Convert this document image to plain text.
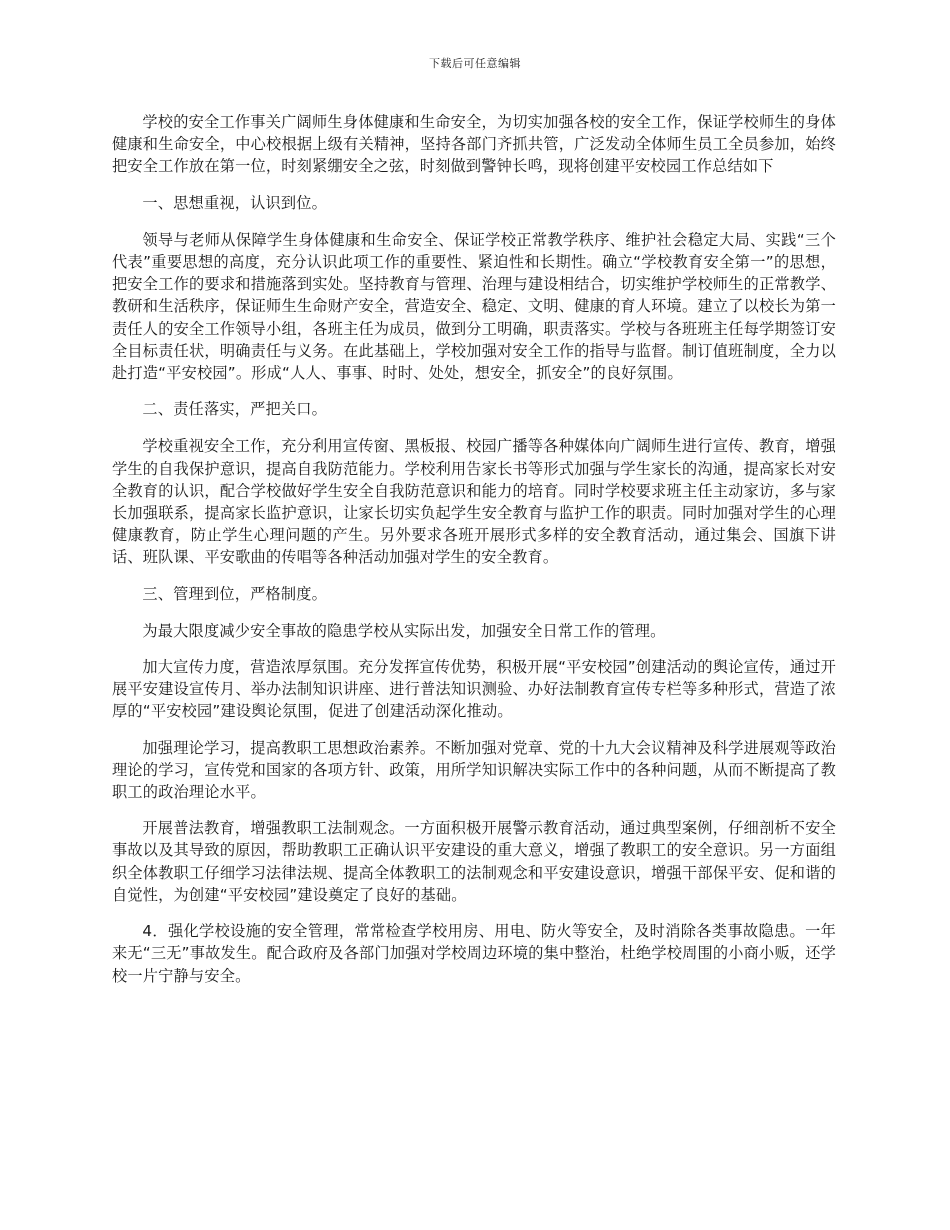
下载后可任意编辑

学校的安全工作事关广阔师生身体健康和生命安全，为切实加强各校的安全工作，保证学校师生的身体健康和生命安全，中心校根据上级有关精神，坚持各部门齐抓共管，广泛发动全体师生员工全员参加，始终把安全工作放在第一位，时刻紧绷安全之弦，时刻做到警钟长鸣，现将创建平安校园工作总结如下

一、思想重视，认识到位。

领导与老师从保障学生身体健康和生命安全、保证学校正常教学秩序、维护社会稳定大局、实践“三个代表”重要思想的高度，充分认识此项工作的重要性、紧迫性和长期性。确立“学校教育安全第一”的思想，把安全工作的要求和措施落到实处。坚持教育与管理、治理与建设相结合，切实维护学校师生的正常教学、教研和生活秩序，保证师生生命财产安全，营造安全、稳定、文明、健康的育人环境。建立了以校长为第一责任人的安全工作领导小组，各班主任为成员，做到分工明确，职责落实。学校与各班班主任每学期签订安全目标责任状，明确责任与义务。在此基础上，学校加强对安全工作的指导与监督。制订值班制度，全力以赴打造“平安校园”。形成“人人、事事、时时、处处，想安全，抓安全”的良好氛围。

二、责任落实，严把关口。

学校重视安全工作，充分利用宣传窗、黑板报、校园广播等各种媒体向广阔师生进行宣传、教育，增强学生的自我保护意识，提高自我防范能力。学校利用告家长书等形式加强与学生家长的沟通，提高家长对安全教育的认识，配合学校做好学生安全自我防范意识和能力的培育。同时学校要求班主任主动家访，多与家长加强联系，提高家长监护意识，让家长切实负起学生安全教育与监护工作的职责。同时加强对学生的心理健康教育，防止学生心理问题的产生。另外要求各班开展形式多样的安全教育活动，通过集会、国旗下讲话、班队课、平安歌曲的传唱等各种活动加强对学生的安全教育。

三、管理到位，严格制度。

为最大限度减少安全事故的隐患学校从实际出发，加强安全日常工作的管理。

加大宣传力度，营造浓厚氛围。充分发挥宣传优势，积极开展“平安校园”创建活动的舆论宣传，通过开展平安建设宣传月、举办法制知识讲座、进行普法知识测验、办好法制教育宣传专栏等多种形式，营造了浓厚的“平安校园”建设舆论氛围，促进了创建活动深化推动。

加强理论学习，提高教职工思想政治素养。不断加强对党章、党的十九大会议精神及科学进展观等政治理论的学习，宣传党和国家的各项方针、政策，用所学知识解决实际工作中的各种问题，从而不断提高了教职工的政治理论水平。

开展普法教育，增强教职工法制观念。一方面积极开展警示教育活动，通过典型案例，仔细剖析不安全事故以及其导致的原因，帮助教职工正确认识平安建设的重大意义，增强了教职工的安全意识。另一方面组织全体教职工仔细学习法律法规、提高全体教职工的法制观念和平安建设意识，增强干部保平安、促和谐的自觉性，为创建“平安校园”建设奠定了良好的基础。

4．强化学校设施的安全管理，常常检查学校用房、用电、防火等安全，及时消除各类事故隐患。一年来无“三无”事故发生。配合政府及各部门加强对学校周边环境的集中整治，杜绝学校周围的小商小贩，还学校一片宁静与安全。
